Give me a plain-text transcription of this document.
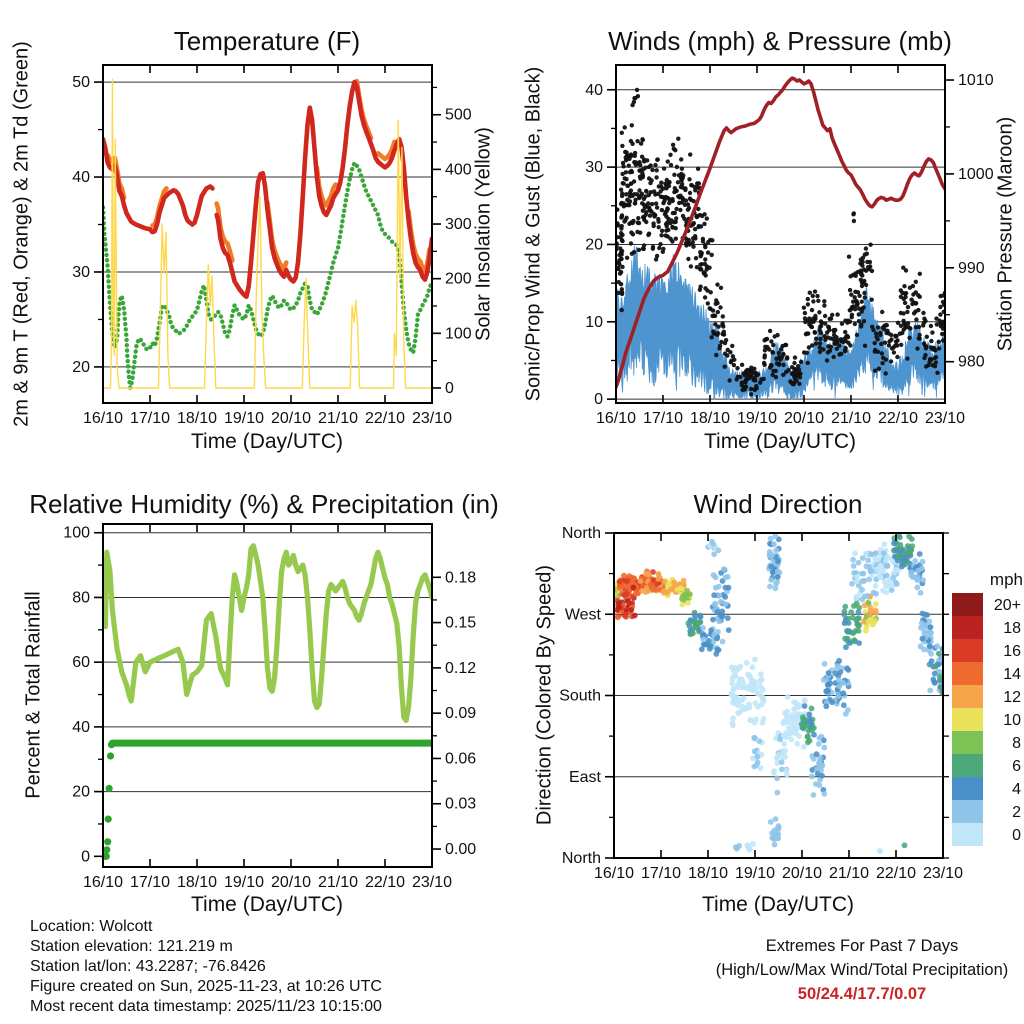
16/10 17/10 18/10 19/10 20/10 21/10 22/10 23/10
20
30
40
50
0
100
200
300
400
500
16/10 17/10 18/10 19/10 20/10 21/10 22/10 23/10
0
10
20
30
40
980
990
1000
1010
16/10 17/10 18/10 19/10 20/10 21/10 22/10 23/10
0
20
40
60
80
100
0.00
0.03
0.06
0.09
0.12
0.15
0.18
16/10 17/10 18/10 19/10 20/10 21/10 22/10 23/10
North
West
South
East
North
20+
18
16
14
12
10
8
6
4
2
0
Temperature (F)	Winds (mph) & Pressure (mb)
Relative Humidity (%) & Precipitation (in)	Wind Direction
Time (Day/UTC)	Time (Day/UTC)
Time (Day/UTC)	Time (Day/UTC)
2m & 9m T (Red, Orange) & 2m Td (Green)	Solar Insolation (Yellow) Sonic/Prop Wind & Gust (Blue, Black)	Station Pressure (Maroon)
Percent & Total Rainfall	Direction (Colored By Speed)	mph
Location: Wolcott
Station elevation: 121.219 m
Station lat/lon: 43.2287; -76.8426
Figure created on Sun, 2025-11-23, at 10:26 UTC
Most recent data timestamp: 2025/11/23 10:15:00
Extremes For Past 7 Days
(High/Low/Max Wind/Total Precipitation)
50/24.4/17.7/0.07
